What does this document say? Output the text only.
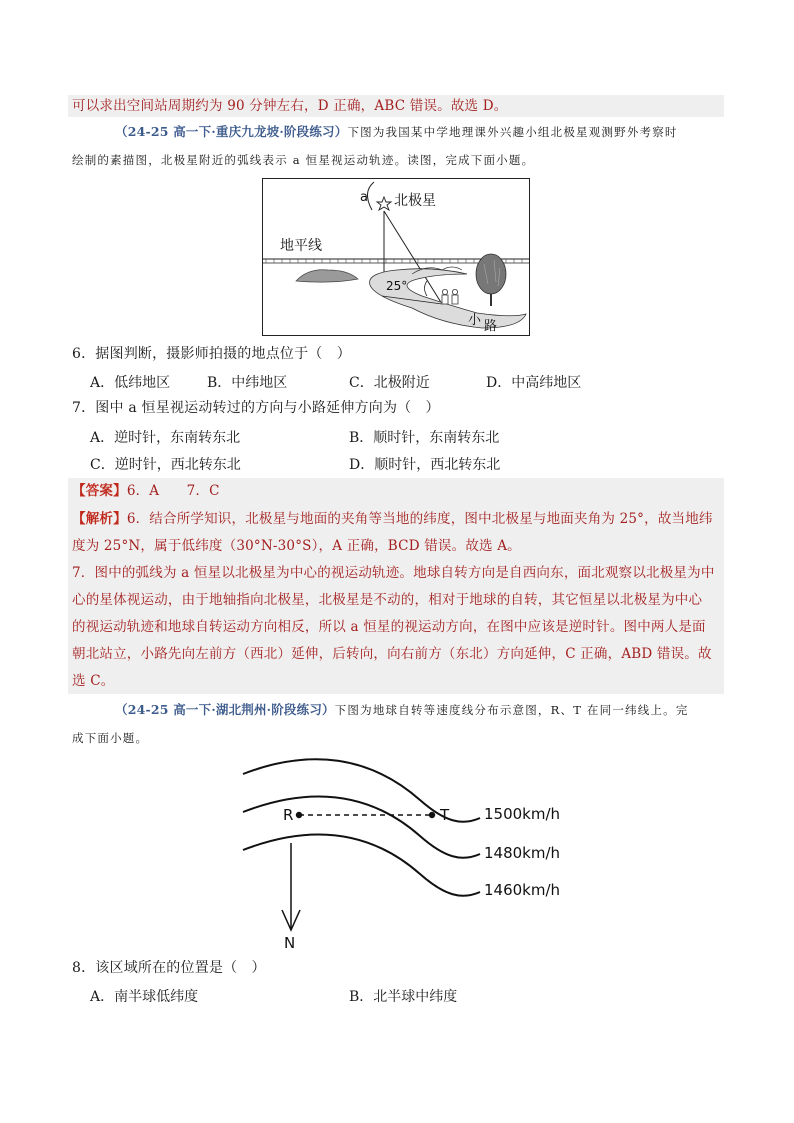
可以求出空间站周期约为 90 分钟左右，D 正确，ABC 错误。故选 D。
（24-25 高一下·重庆九龙坡·阶段练习）下图为我国某中学地理课外兴趣小组北极星观测野外考察时
绘制的素描图，北极星附近的弧线表示 a 恒星视运动轨迹。读图，完成下面小题。
地平线
a 北极星
25°
小 路
6．据图判断，摄影师拍摄的地点位于（　）
A．低纬地区	B．中纬地区	C．北极附近	D．中高纬地区
7．图中 a 恒星视运动转过的方向与小路延伸方向为（　）
A．逆时针，东南转东北	B．顺时针，东南转东北
C．逆时针，西北转东北	D．顺时针，西北转东北
【答案】6．A　　7．C
【解析】6．结合所学知识，北极星与地面的夹角等当地的纬度，图中北极星与地面夹角为 25°，故当地纬
度为 25°N，属于低纬度（30°N-30°S），A 正确，BCD 错误。故选 A。
7．图中的弧线为 a 恒星以北极星为中心的视运动轨迹。地球自转方向是自西向东，面北观察以北极星为中
心的星体视运动，由于地轴指向北极星，北极星是不动的，相对于地球的自转，其它恒星以北极星为中心
的视运动轨迹和地球自转运动方向相反，所以 a 恒星的视运动方向，在图中应该是逆时针。图中两人是面
朝北站立，小路先向左前方（西北）延伸，后转向，向右前方（东北）方向延伸，C 正确，ABD 错误。故
选 C。
（24-25 高一下·湖北荆州·阶段练习）下图为地球自转等速度线分布示意图，R、T 在同一纬线上。完
成下面小题。
1500km/h
1480km/h
1460km/h
R	T
N
8．该区域所在的位置是（　）
A．南半球低纬度	B．北半球中纬度
